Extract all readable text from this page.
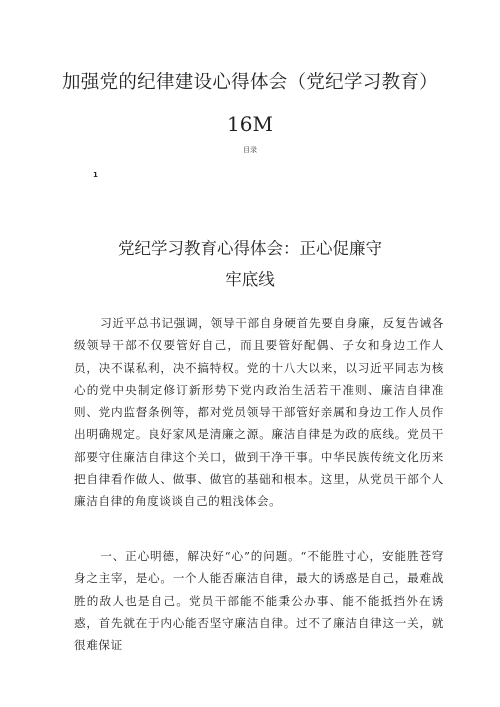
加强党的纪律建设心得体会（党纪学习教育）
16M
目录
1
党纪学习教育心得体会：正心促廉守
牢底线
习近平总书记强调，领导干部自身硬首先要自身廉，反复告诫各级领导干部不仅要管好自己，而且要管好配偶、子女和身边工作人员，决不谋私利，决不搞特权。党的十八大以来，以习近平同志为核心的党中央制定修订新形势下党内政治生活若干准则、廉洁自律准则、党内监督条例等，都对党员领导干部管好亲属和身边工作人员作出明确规定。良好家风是清廉之源。廉洁自律是为政的底线。党员干部要守住廉洁自律这个关口，做到干净干事。中华民族传统文化历来把自律看作做人、做事、做官的基础和根本。这里，从党员干部个人廉洁自律的角度谈谈自己的粗浅体会。
一、正心明德，解决好“心”的问题。“不能胜寸心，安能胜苍穹身之主宰，是心。一个人能否廉洁自律，最大的诱惑是自己，最难战胜的敌人也是自己。党员干部能不能秉公办事、能不能抵挡外在诱惑，首先就在于内心能否坚守廉洁自律。过不了廉洁自律这一关，就很难保证
